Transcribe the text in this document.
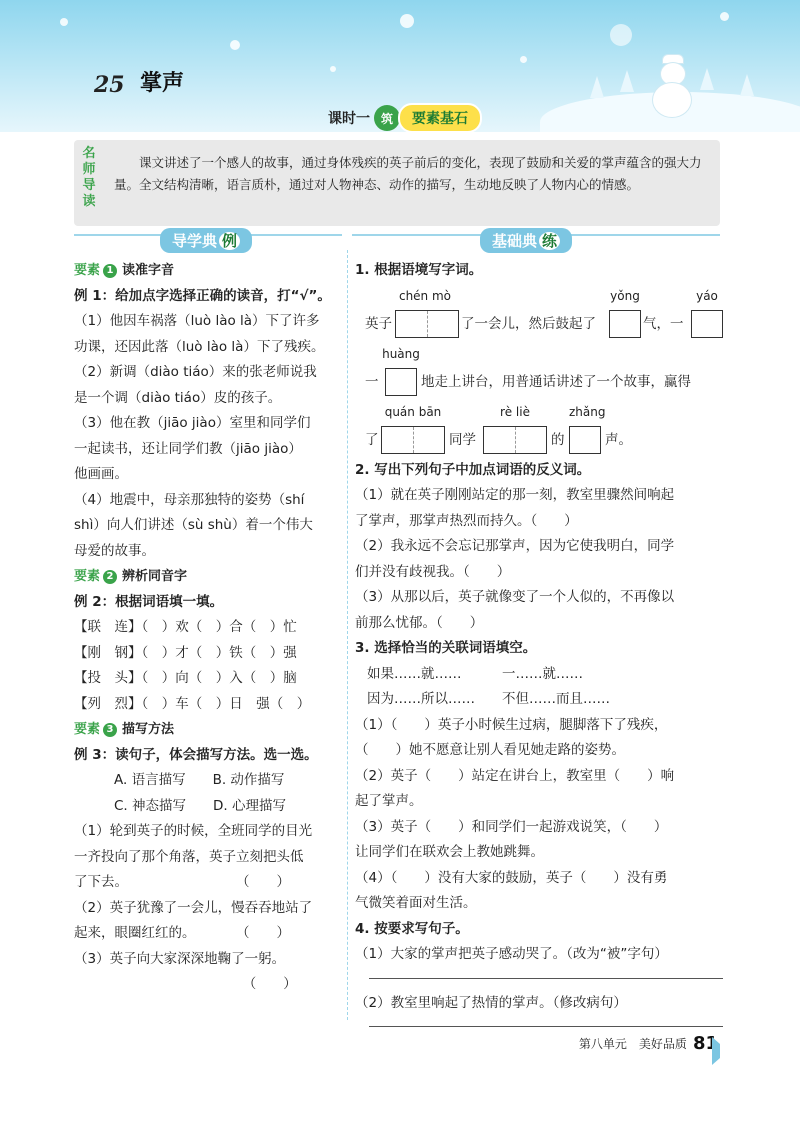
25 掌声
课时一 筑	要素基石
名
师
导
读
课文讲述了一个感人的故事，通过身体残疾的英子前后的变化，表现了鼓励和关爱的掌声蕴含的强大力量。全文结构清晰，语言质朴，通过对人物神态、动作的描写，生动地反映了人物内心的情感。
导学典 例	基础典 练
要素 1 读准字音
例 1：给加点字选择正确的读音，打“√”。
（1）他因车祸落（luò lào là）下了许多
功课，还因此落（luò lào là）下了残疾。
（2）新调（diào tiáo）来的张老师说我
是一个调（diào tiáo）皮的孩子。
（3）他在教（jiāo jiào）室里和同学们
一起读书，还让同学们教（jiāo jiào）
他画画。
（4）地震中，母亲那独特的姿势（shí
shì）向人们讲述（sù shù）着一个伟大
母爱的故事。
要素 2 辨析同音字
例 2：根据词语填一填。
【联　连】（　）欢（　）合（　）忙
【刚　钢】（　）才（　）铁（　）强
【投　头】（　）向（　）入（　）脑
【列　烈】（　）车（　）日　强（　）
要素 3 描写方法
例 3：读句子，体会描写方法。选一选。
A. 语言描写　　B. 动作描写
C. 神态描写　　D. 心理描写
（1）轮到英子的时候，全班同学的目光
一齐投向了那个角落，英子立刻把头低
了下去。　　　　　　　　　（　　）
（2）英子犹豫了一会儿，慢吞吞地站了
起来，眼圈红红的。　　　　（　　）
（3）英子向大家深深地鞠了一躬。
　　　　　　　　　　　　　（　　）
1. 根据语境写字词。
chén mò
英子	了一会儿，然后鼓起了
yǒng
气，一
yáo
huàng
一	地走上讲台，用普通话讲述了一个故事，赢得
quán bān
了	同学
rè liè
的
zhǎng
声。
2. 写出下列句子中加点词语的反义词。
（1）就在英子刚刚站定的那一刻，教室里骤然间响起
了掌声，那掌声热烈而持久。（　　）
（2）我永远不会忘记那掌声，因为它使我明白，同学
们并没有歧视我。（　　）
（3）从那以后，英子就像变了一个人似的，不再像以
前那么忧郁。（　　）
3. 选择恰当的关联词语填空。
如果……就……　　　一……就……
因为……所以……　　不但……而且……
（1）（　　）英子小时候生过病，腿脚落下了残疾，
（　　）她不愿意让别人看见她走路的姿势。
（2）英子（　　）站定在讲台上，教室里（　　）响
起了掌声。
（3）英子（　　）和同学们一起游戏说笑，（　　）
让同学们在联欢会上教她跳舞。
（4）（　　）没有大家的鼓励，英子（　　）没有勇
气微笑着面对生活。
4. 按要求写句子。
（1）大家的掌声把英子感动哭了。（改为“被”字句）
（2）教室里响起了热情的掌声。（修改病句）
第八单元　美好品质 81
